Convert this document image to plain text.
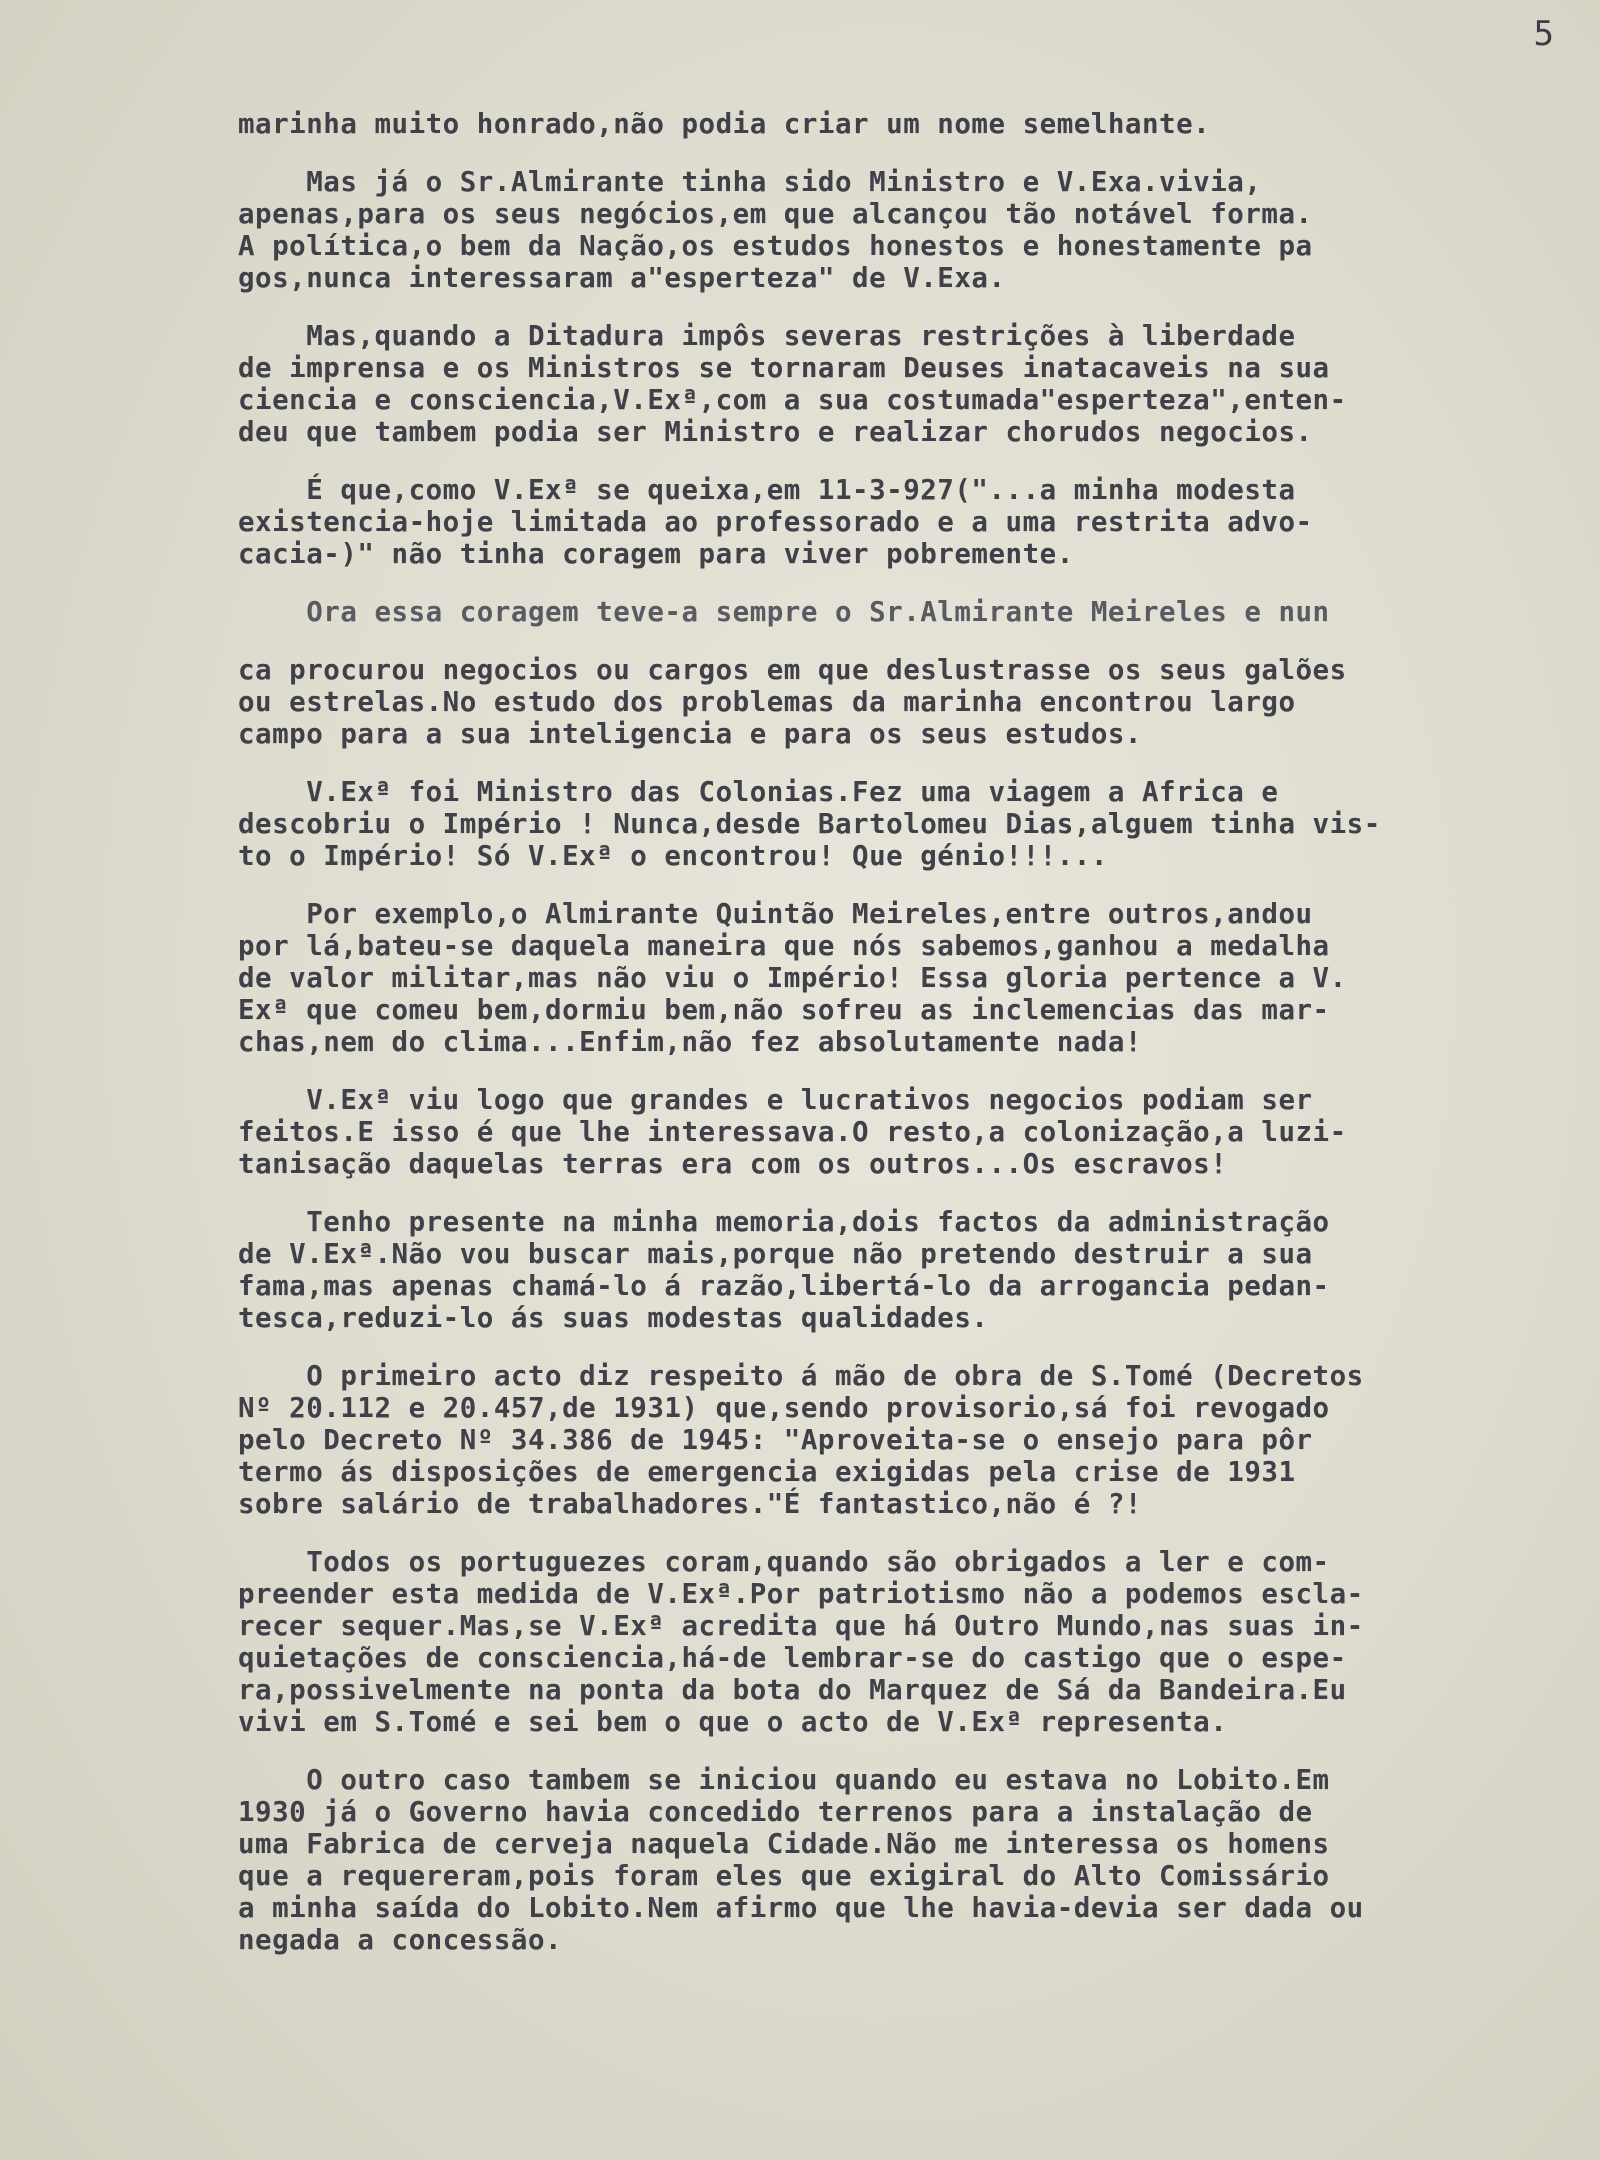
5
marinha muito honrado,não podia criar um nome semelhante.
Mas já o Sr.Almirante tinha sido Ministro e V.Exa.vivia,
apenas,para os seus negócios,em que alcançou tão notável forma.
A política,o bem da Nação,os estudos honestos e honestamente pa
gos,nunca interessaram a"esperteza" de V.Exa.
Mas,quando a Ditadura impôs severas restrições à liberdade
de imprensa e os Ministros se tornaram Deuses inatacaveis na sua
ciencia e consciencia,V.Exª,com a sua costumada"esperteza",enten-
deu que tambem podia ser Ministro e realizar chorudos negocios.
É que,como V.Exª se queixa,em 11-3-927("...a minha modesta
existencia-hoje limitada ao professorado e a uma restrita advo-
cacia-)" não tinha coragem para viver pobremente.
Ora essa coragem teve-a sempre o Sr.Almirante Meireles e nun
ca procurou negocios ou cargos em que deslustrasse os seus galões
ou estrelas.No estudo dos problemas da marinha encontrou largo
campo para a sua inteligencia e para os seus estudos.
V.Exª foi Ministro das Colonias.Fez uma viagem a Africa e
descobriu o Império ! Nunca,desde Bartolomeu Dias,alguem tinha vis-
to o Império! Só V.Exª o encontrou! Que génio!!!...
Por exemplo,o Almirante Quintão Meireles,entre outros,andou
por lá,bateu-se daquela maneira que nós sabemos,ganhou a medalha
de valor militar,mas não viu o Império! Essa gloria pertence a V.
Exª que comeu bem,dormiu bem,não sofreu as inclemencias das mar-
chas,nem do clima...Enfim,não fez absolutamente nada!
V.Exª viu logo que grandes e lucrativos negocios podiam ser
feitos.E isso é que lhe interessava.O resto,a colonização,a luzi-
tanisação daquelas terras era com os outros...Os escravos!
Tenho presente na minha memoria,dois factos da administração
de V.Exª.Não vou buscar mais,porque não pretendo destruir a sua
fama,mas apenas chamá-lo á razão,libertá-lo da arrogancia pedan-
tesca,reduzi-lo ás suas modestas qualidades.
O primeiro acto diz respeito á mão de obra de S.Tomé (Decretos
Nº 20.112 e 20.457,de 1931) que,sendo provisorio,sá foi revogado
pelo Decreto Nº 34.386 de 1945: "Aproveita-se o ensejo para pôr
termo ás disposições de emergencia exigidas pela crise de 1931
sobre salário de trabalhadores."É fantastico,não é ?!
Todos os portuguezes coram,quando são obrigados a ler e com-
preender esta medida de V.Exª.Por patriotismo não a podemos escla-
recer sequer.Mas,se V.Exª acredita que há Outro Mundo,nas suas in-
quietações de consciencia,há-de lembrar-se do castigo que o espe-
ra,possivelmente na ponta da bota do Marquez de Sá da Bandeira.Eu
vivi em S.Tomé e sei bem o que o acto de V.Exª representa.
O outro caso tambem se iniciou quando eu estava no Lobito.Em
1930 já o Governo havia concedido terrenos para a instalação de
uma Fabrica de cerveja naquela Cidade.Não me interessa os homens
que a requereram,pois foram eles que exigiral do Alto Comissário
a minha saída do Lobito.Nem afirmo que lhe havia-devia ser dada ou
negada a concessão.
